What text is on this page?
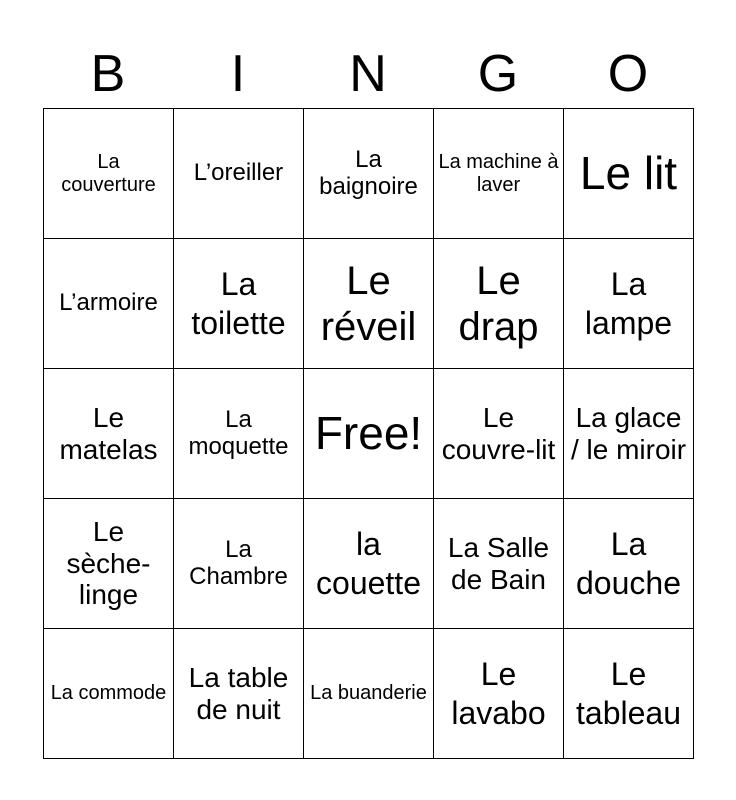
B	I	N	G	O
La couverture	L’oreiller	La baignoire	La machine à laver	Le lit
L’armoire	La toilette	Le réveil	Le drap	La lampe
Le matelas	La moquette	Free!	Le couvre-lit	La glace / le miroir
Le sèche-linge	La Chambre	la couette	La Salle de Bain	La douche
La commode	La table de nuit	La buanderie	Le lavabo	Le tableau
